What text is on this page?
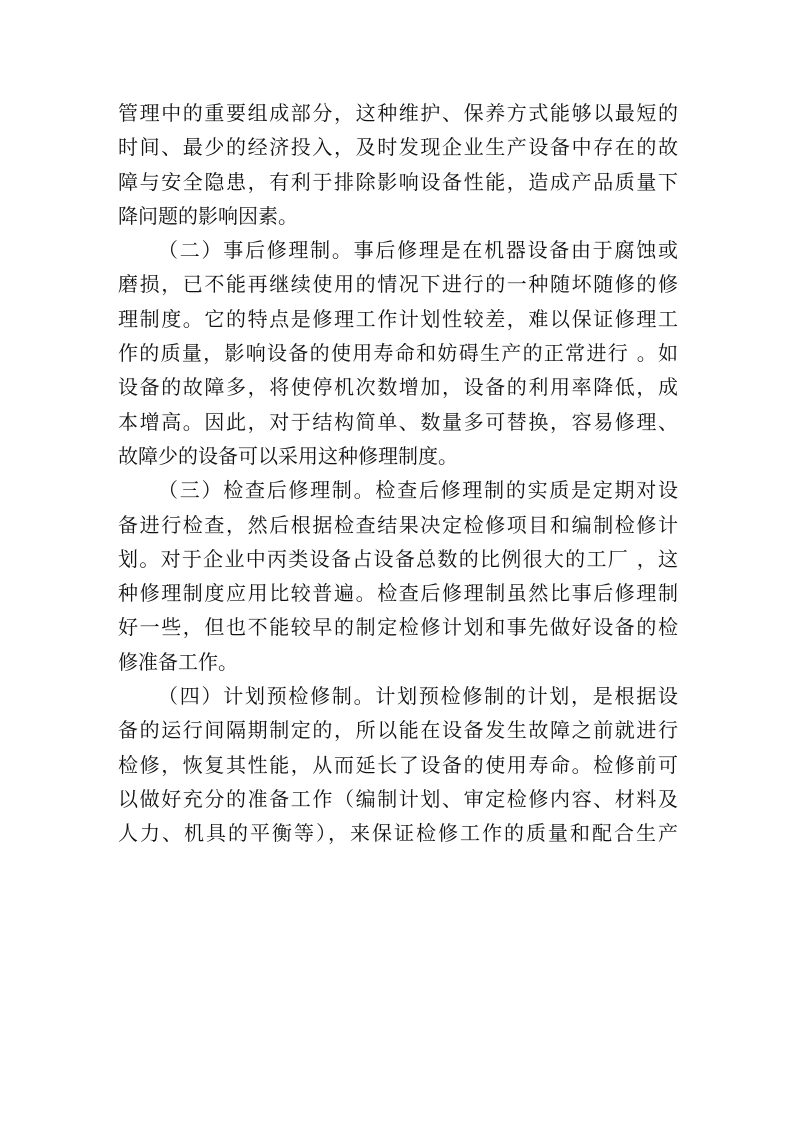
管理中的重要组成部分，这种维护、保养方式能够以最短的
时间、最少的经济投入，及时发现企业生产设备中存在的故
障与安全隐患，有利于排除影响设备性能，造成产品质量下
降问题的影响因素。
（二）事后修理制。事后修理是在机器设备由于腐蚀或
磨损，已不能再继续使用的情况下进行的一种随坏随修的修
理制度。它的特点是修理工作计划性较差，难以保证修理工
作的质量，影响设备的使用寿命和妨碍生产的正常进行 。如
设备的故障多，将使停机次数增加，设备的利用率降低，成
本增高。因此，对于结构简单、数量多可替换，容易修理、
故障少的设备可以采用这种修理制度。
（三）检查后修理制。检查后修理制的实质是定期对设
备进行检查，然后根据检查结果决定检修项目和编制检修计
划。对于企业中丙类设备占设备总数的比例很大的工厂 ，这
种修理制度应用比较普遍。检查后修理制虽然比事后修理制
好一些，但也不能较早的制定检修计划和事先做好设备的检
修准备工作。
（四）计划预检修制。计划预检修制的计划，是根据设
备的运行间隔期制定的，所以能在设备发生故障之前就进行
检修，恢复其性能，从而延长了设备的使用寿命。检修前可
以做好充分的准备工作（编制计划、审定检修内容、材料及
人力、机具的平衡等），来保证检修工作的质量和配合生产
